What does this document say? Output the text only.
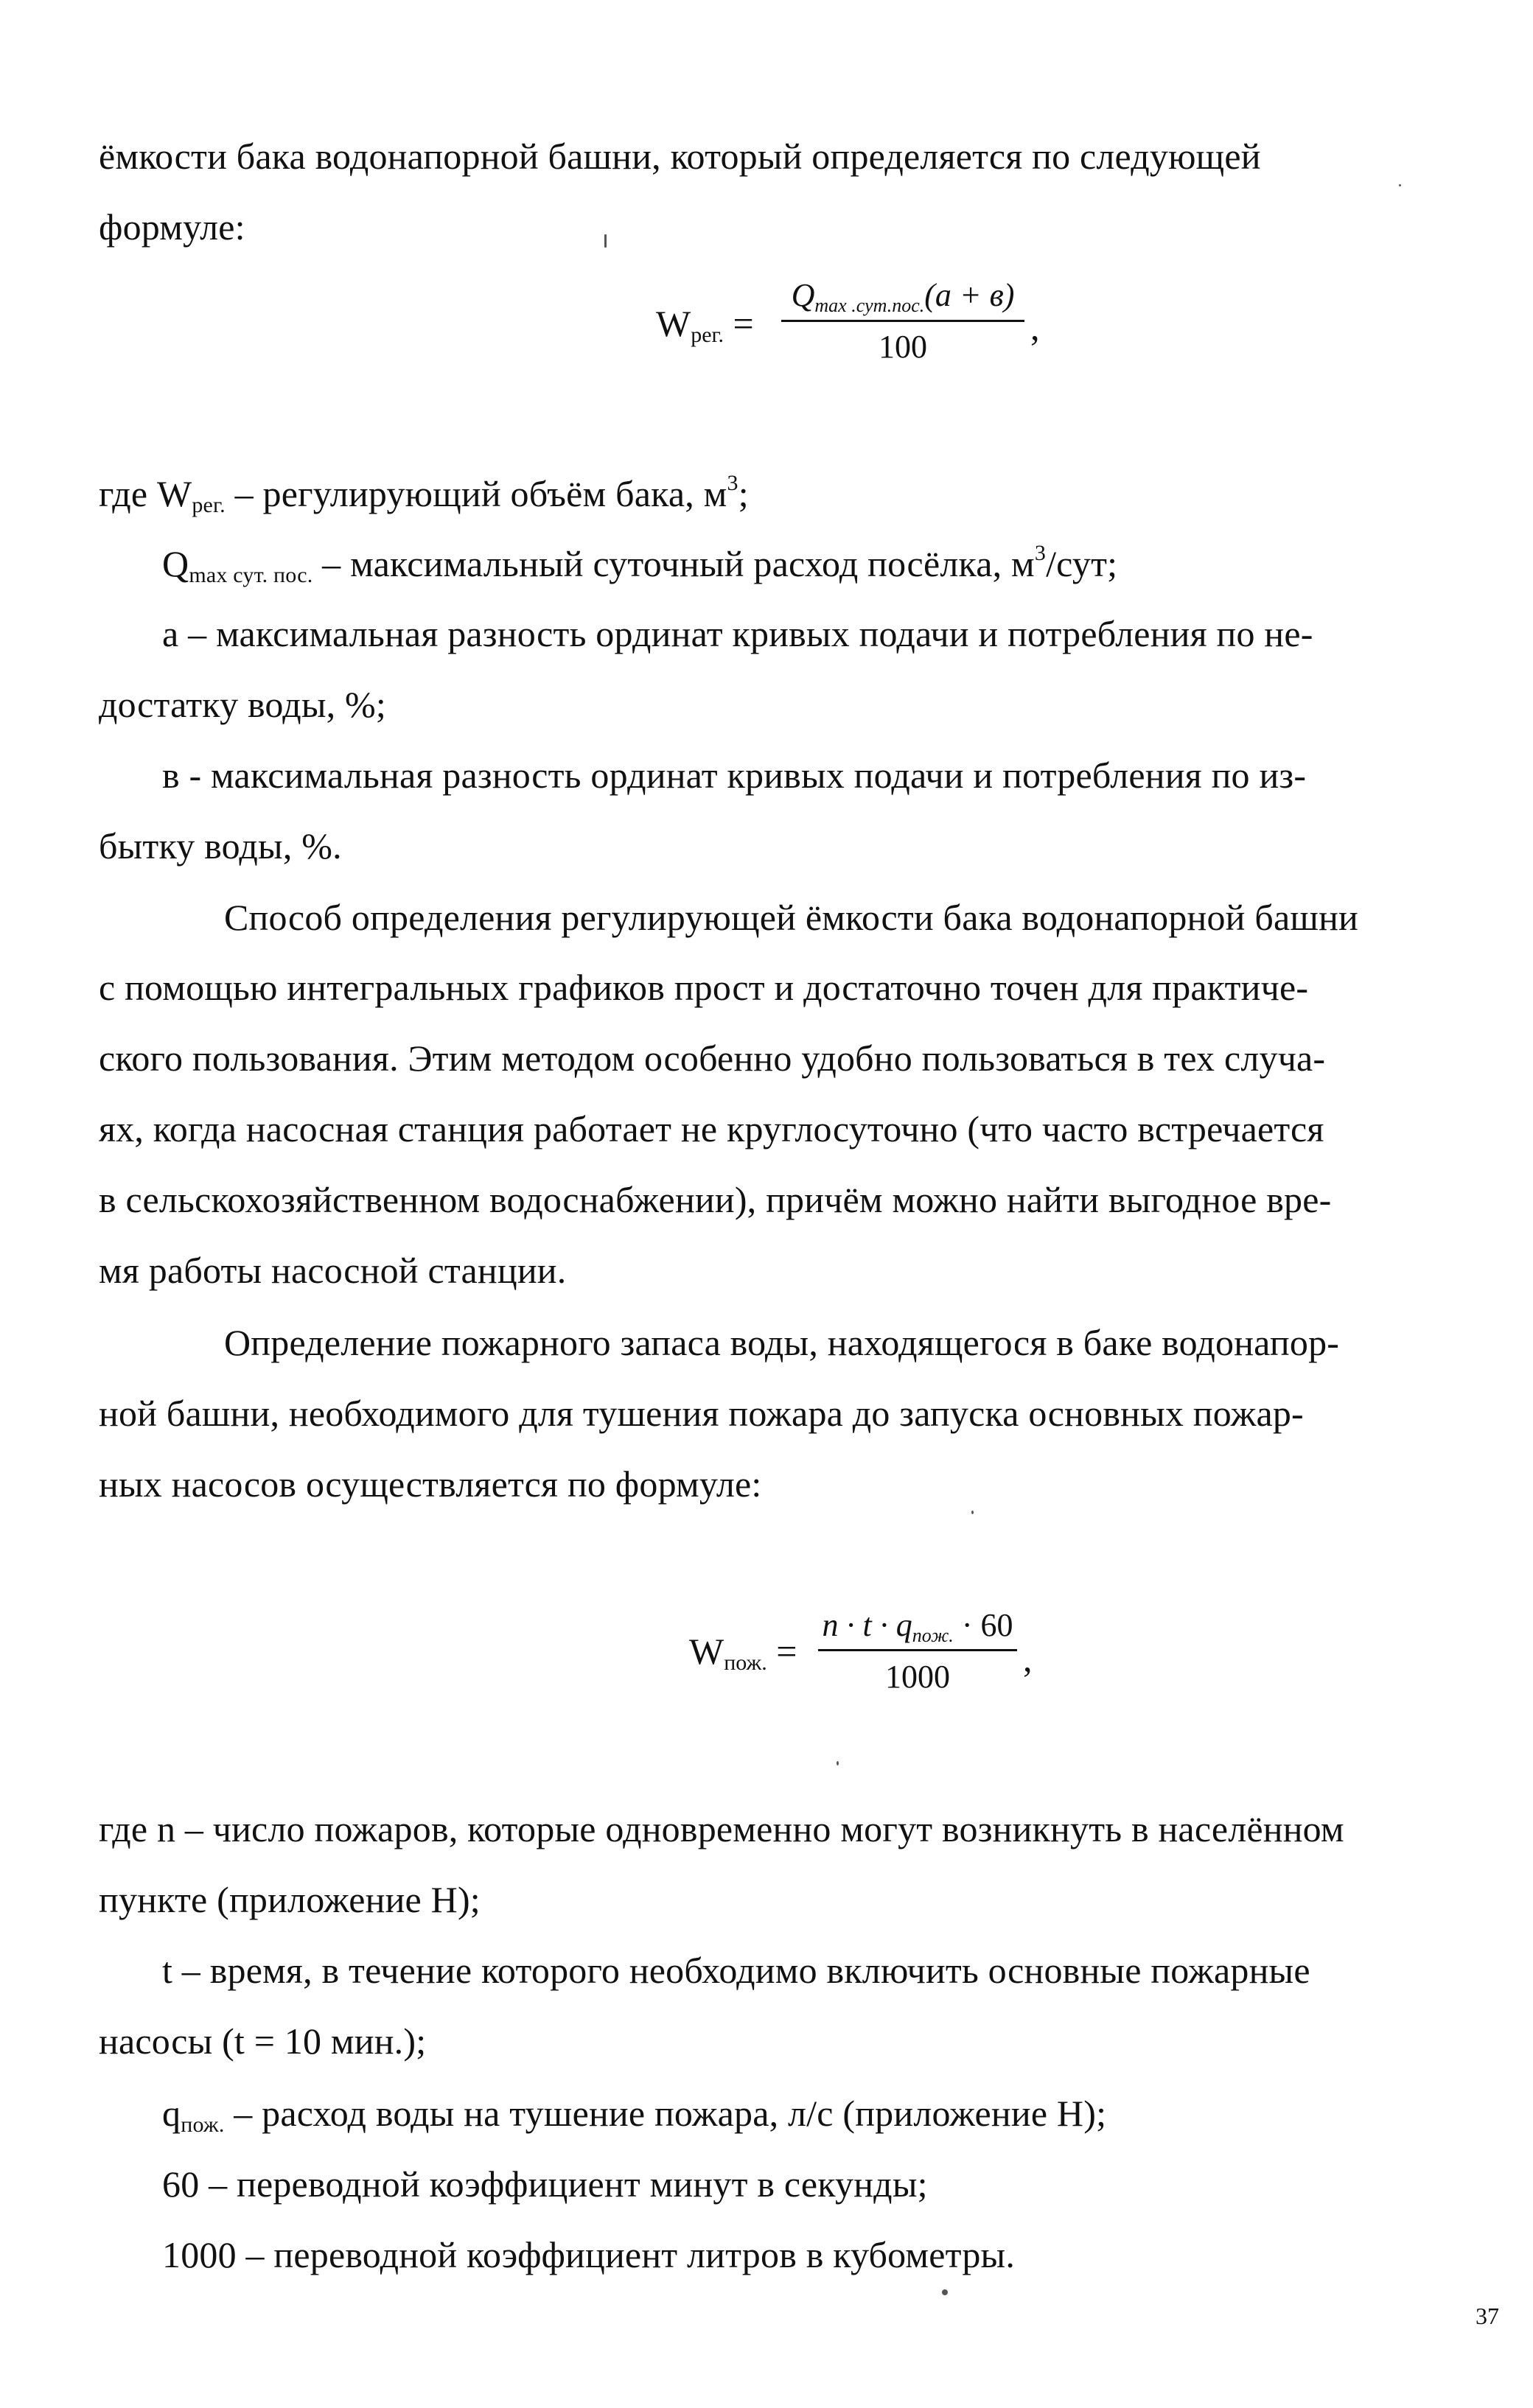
ёмкости бака водонапорной башни, который определяется по следующей
формуле:
$W_{рег.}$ =
$Q_{max .сут.пос.}(а + в)$
100	,
где $W_{рег.}$ – регулирующий объём бака, $м^3$;
$Q_{max сут. пос.}$ – максимальный суточный расход посёлка, $м^3$/сут;
а – максимальная разность ординат кривых подачи и потребления по не-
достатку воды, %;
в - максимальная разность ординат кривых подачи и потребления по из-
бытку воды, %.
Способ определения регулирующей ёмкости бака водонапорной башни
с помощью интегральных графиков прост и достаточно точен для практиче-
ского пользования. Этим методом особенно удобно пользоваться в тех случа-
ях, когда насосная станция работает не круглосуточно (что часто встречается
в сельскохозяйственном водоснабжении), причём можно найти выгодное вре-
мя работы насосной станции.
Определение пожарного запаса воды, находящегося в баке водонапор-
ной башни, необходимого для тушения пожара до запуска основных пожар-
ных насосов осуществляется по формуле:
$W_{пож.}$ =
$n \cdot t \cdot q_{пож.} \cdot 60$
1000	,
где n – число пожаров, которые одновременно могут возникнуть в населённом
пункте (приложение Н);
t – время, в течение которого необходимо включить основные пожарные
насосы (t = 10 мин.);
$q_{пож.}$ – расход воды на тушение пожара, л/с (приложение Н);
60 – переводной коэффициент минут в секунды;
1000 – переводной коэффициент литров в кубометры.
37
